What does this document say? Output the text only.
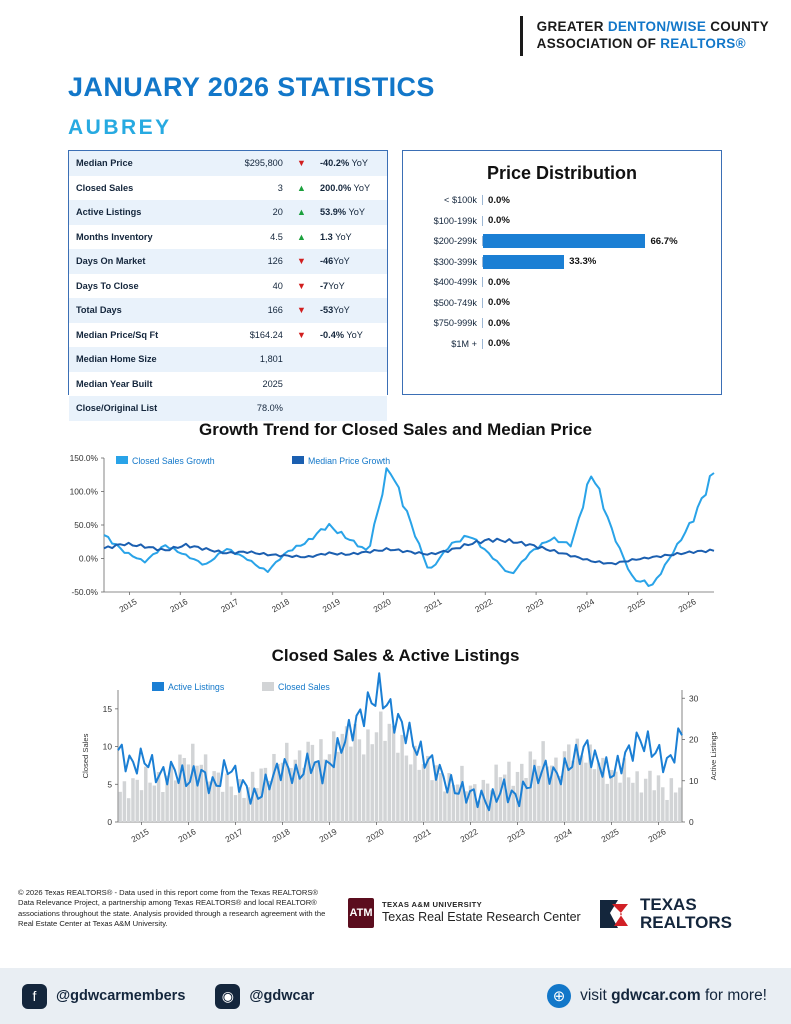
GREATER DENTON/WISE COUNTY
ASSOCIATION OF REALTORS®
JANUARY 2026 STATISTICS
AUBREY
Median Price	$295,800	▼	-40.2% YoY
Closed Sales	3	▲	200.0% YoY
Active Listings	20	▲	53.9% YoY
Months Inventory	4.5	▲	1.3 YoY
Days On Market	126	▼	-46YoY
Days To Close	40	▼	-7YoY
Total Days	166	▼	-53YoY
Median Price/Sq Ft	$164.24	▼	-0.4% YoY
Median Home Size	1,801		
Median Year Built	2025		
Close/Original List	78.0%		
Price Distribution
< $100k	0.0%
$100-199k	0.0%
$200-299k	66.7%
$300-399k	33.3%
$400-499k	0.0%
$500-749k	0.0%
$750-999k	0.0%
$1M +	0.0%
Growth Trend for Closed Sales and Median Price
150.0%
100.0%
50.0%
0.0%
-50.0%
2015	2016	2017	2018	2019	2020	2021	2022	2023	2024	2025	2026
Closed Sales Growth	Median Price Growth
Closed Sales & Active Listings
15
10
5
0
30
20
10
0
Closed Sales	Active Listings
2015	2016	2017	2018	2019	2020	2021	2022	2023	2024	2025	2026
Active Listings	Closed Sales
© 2026 Texas REALTORS® - Data used in this report come from the Texas REALTORS® Data Relevance Project, a partnership among Texas REALTORS® and local REALTOR® associations throughout the state. Analysis provided through a research agreement with the Real Estate Center at Texas A&M University.
ATM
TEXAS A&M UNIVERSITY
Texas Real Estate Research Center
TEXAS
REALTORS
f	@gdwcarmembers	◉	@gdwcar	⊕ visit gdwcar.com for more!
